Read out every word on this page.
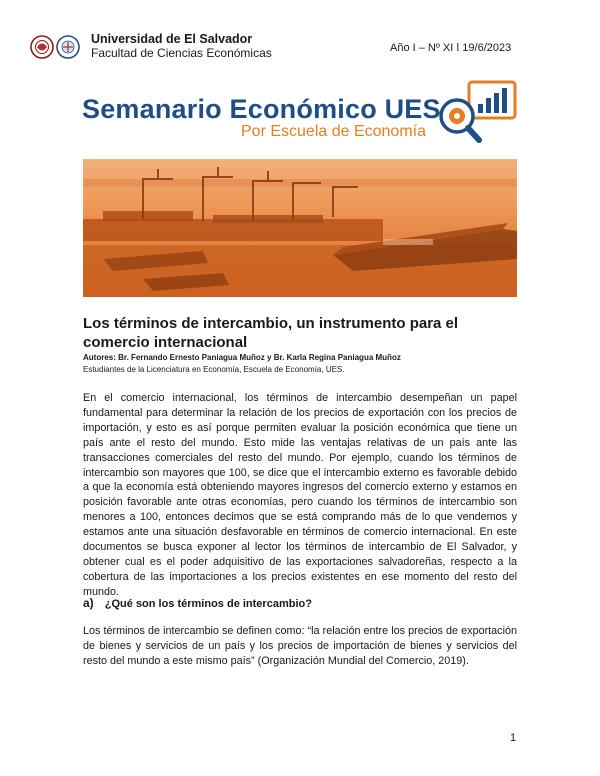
Universidad de El Salvador
Facultad de Ciencias Económicas	Año I – Nº XI ǀ 19/6/2023
Semanario Económico UES
Por Escuela de Economía
Los términos de intercambio, un instrumento para el comercio internacional
Autores: Br. Fernando Ernesto Paniagua Muñoz y Br. Karla Regina Paniagua Muñoz
Estudiantes de la Licenciatura en Economía, Escuela de Economía, UES.
En el comercio internacional, los términos de intercambio desempeñan un papel fundamental para determinar la relación de los precios de exportación con los precios de importación, y esto es así porque permiten evaluar la posición económica que tiene un país ante el resto del mundo. Esto mide las ventajas relativas de un país ante las transacciones comerciales del resto del mundo. Por ejemplo, cuando los términos de intercambio son mayores que 100, se dice que el intercambio externo es favorable debido a que la economía está obteniendo mayores ingresos del comercio externo y estamos en posición favorable ante otras economías, pero cuando los términos de intercambio son menores a 100, entonces decimos que se está comprando más de lo que vendemos y estamos ante una situación desfavorable en términos de comercio internacional. En este documentos se busca exponer al lector los términos de intercambio de El Salvador, y obtener cual es el poder adquisitivo de las exportaciones salvadoreñas, respecto a la cobertura de las importaciones a los precios existentes en ese momento del resto del mundo.
a) ¿Qué son los términos de intercambio?
Los términos de intercambio se definen como: “la relación entre los precios de exportación de bienes y servicios de un país y los precios de importación de bienes y servicios del resto del mundo a este mismo país” (Organización Mundial del Comercio, 2019).
1
